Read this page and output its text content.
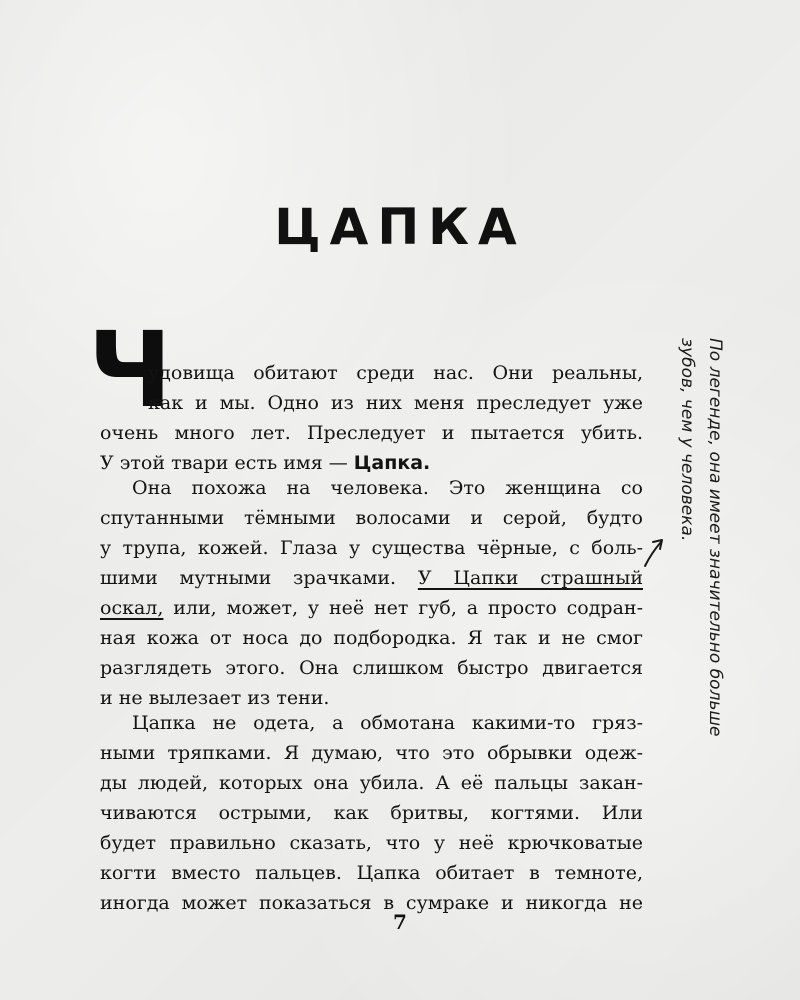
ЦАПКА
Ч
удовища обитают среди нас. Они реальны,
как и мы. Одно из них меня преследует уже
очень много лет. Преследует и пытается убить.
У этой твари есть имя — Цапка.
Она похожа на человека. Это женщина со
спутанными тёмными волосами и серой, будто
у трупа, кожей. Глаза у существа чёрные, с боль-
шими мутными зрачками. У Цапки страшный
оскал, или, может, у неё нет губ, а просто содран-
ная кожа от носа до подбородка. Я так и не смог
разглядеть этого. Она слишком быстро двигается
и не вылезает из тени.
Цапка не одета, а обмотана какими-то гряз-
ными тряпками. Я думаю, что это обрывки одеж-
ды людей, которых она убила. А её пальцы закан-
чиваются острыми, как бритвы, когтями. Или
будет правильно сказать, что у неё крючковатые
когти вместо пальцев. Цапка обитает в темноте,
иногда может показаться в сумраке и никогда не
По легенде, она имеет значительно больше
зубов, чем у человека.
7
